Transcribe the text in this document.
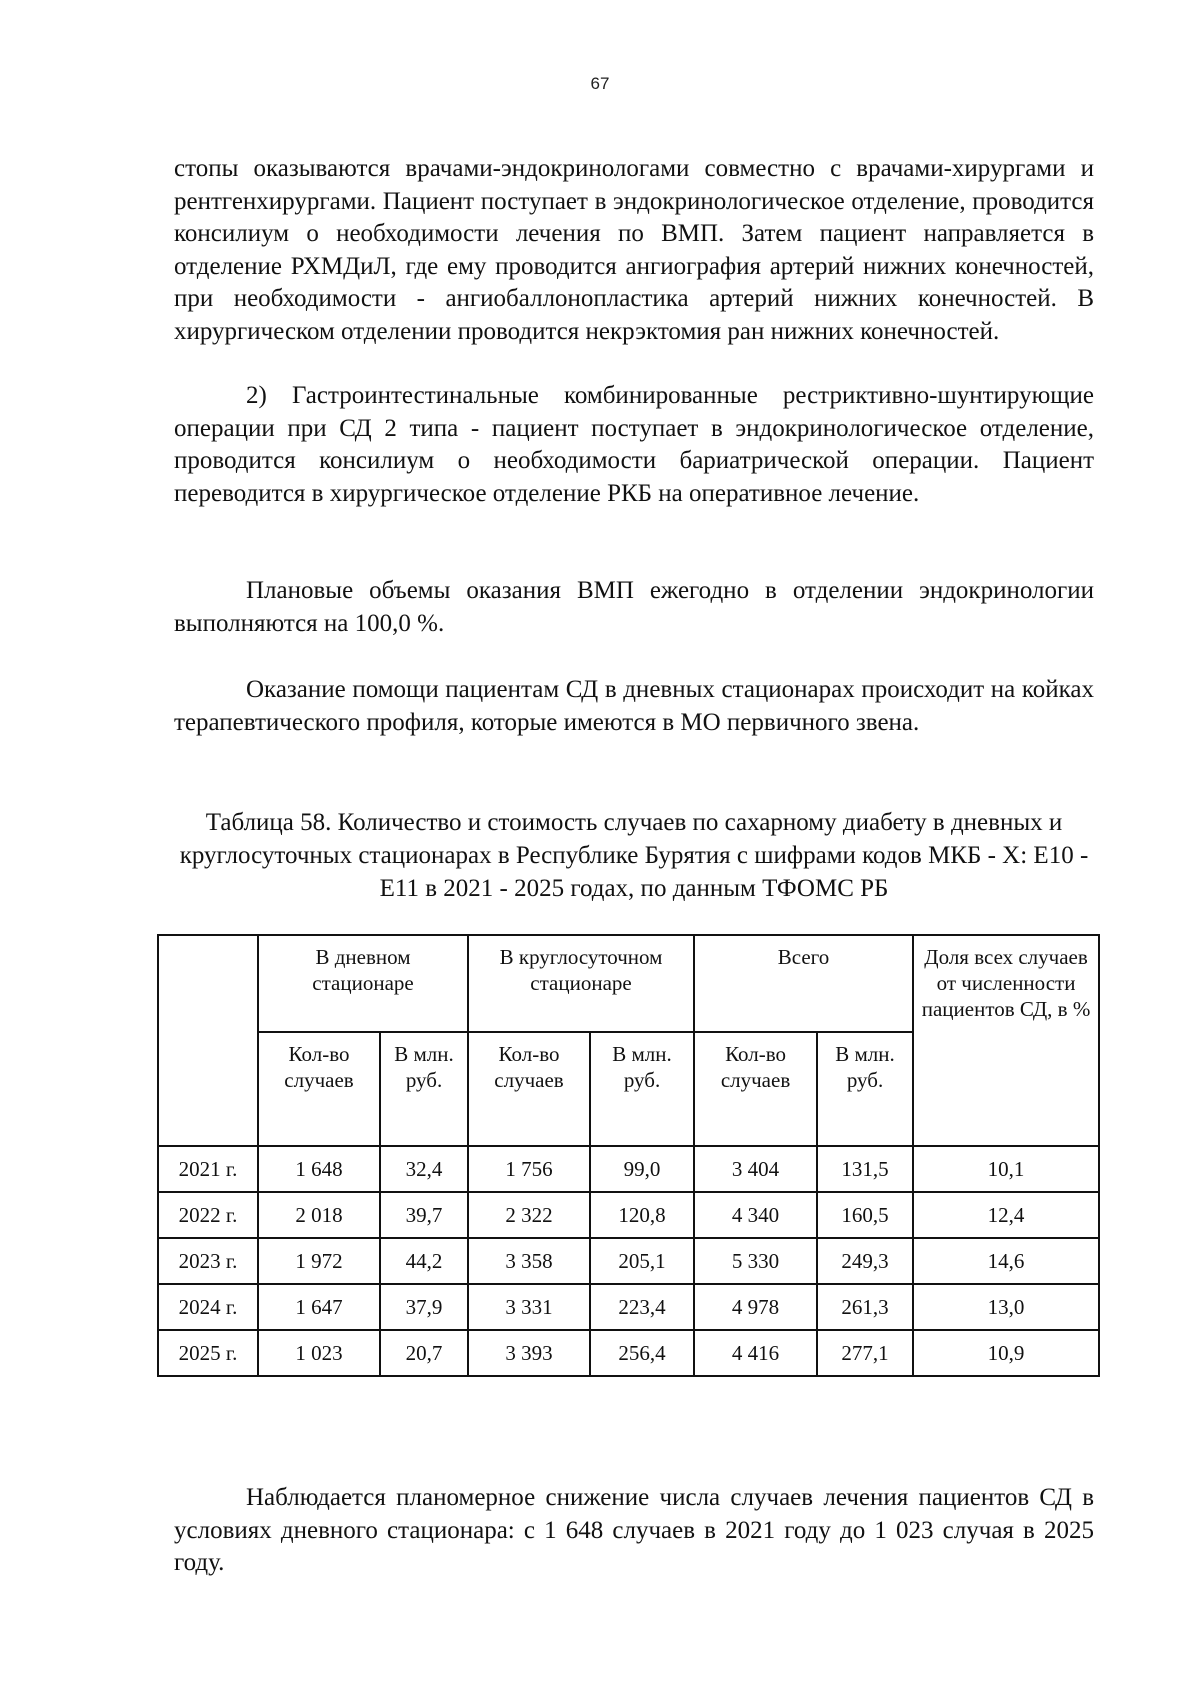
67

стопы оказываются врачами-эндокринологами совместно с врачами-хирургами и рентгенхирургами. Пациент поступает в эндокринологическое отделение, проводится консилиум о необходимости лечения по ВМП. Затем пациент направляется в отделение РХМДиЛ, где ему проводится ангиография артерий нижних конечностей, при необходимости - ангиобаллонопластика артерий нижних конечностей. В хирургическом отделении проводится некрэктомия ран нижних конечностей.

2) Гастроинтестинальные комбинированные рестриктивно-шунтирующие операции при СД 2 типа - пациент поступает в эндокринологическое отделение, проводится консилиум о необходимости бариатрической операции. Пациент переводится в хирургическое отделение РКБ на оперативное лечение.

Плановые объемы оказания ВМП ежегодно в отделении эндокринологии выполняются на 100,0 %.

Оказание помощи пациентам СД в дневных стационарах происходит на койках терапевтического профиля, которые имеются в МО первичного звена.

Таблица 58. Количество и стоимость случаев по сахарному диабету в дневных и круглосуточных стационарах в Республике Бурятия с шифрами кодов МКБ - X: E10 - E11 в 2021 - 2025 годах, по данным ТФОМС РБ

	В дневном стационаре		В круглосуточном стационаре		Всего		Доля всех случаев от численности пациентов СД, в %
	Кол-во случаев	В млн. руб.	Кол-во случаев	В млн. руб.	Кол-во случаев	В млн. руб.	
2021 г.	1 648	32,4	1 756	99,0	3 404	131,5	10,1
2022 г.	2 018	39,7	2 322	120,8	4 340	160,5	12,4
2023 г.	1 972	44,2	3 358	205,1	5 330	249,3	14,6
2024 г.	1 647	37,9	3 331	223,4	4 978	261,3	13,0
2025 г.	1 023	20,7	3 393	256,4	4 416	277,1	10,9

Наблюдается планомерное снижение числа случаев лечения пациентов СД в условиях дневного стационара: с 1 648 случаев в 2021 году до 1 023 случая в 2025 году.
